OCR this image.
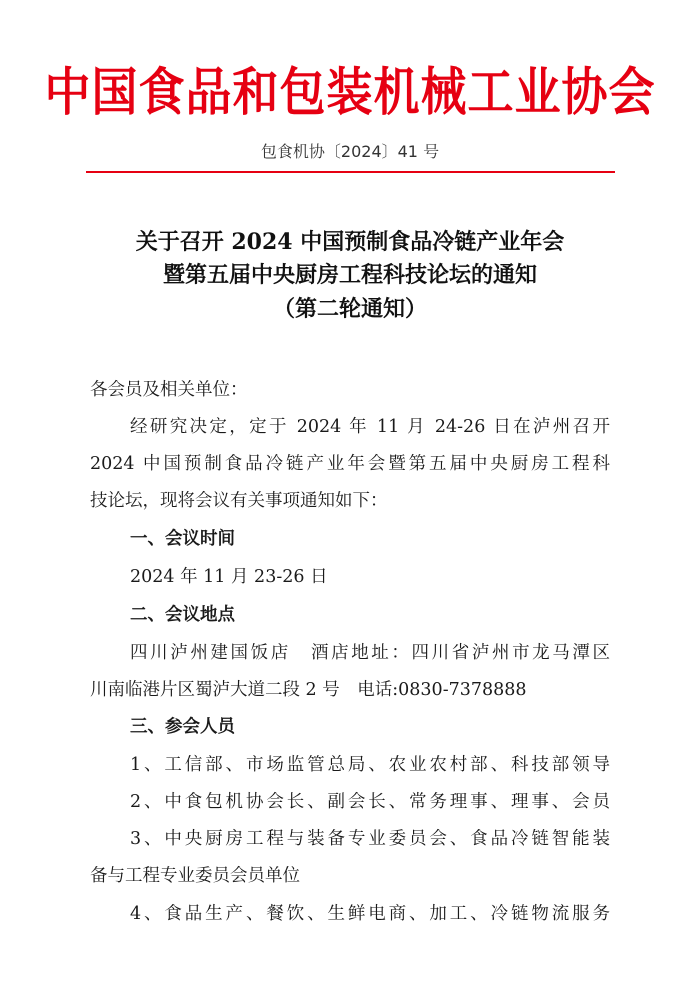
中国食品和包装机械工业协会
包食机协〔2024〕41 号
关于召开 2024 中国预制食品冷链产业年会
暨第五届中央厨房工程科技论坛的通知
（第二轮通知）
各会员及相关单位：
经研究决定，定于 2024 年 11 月 24-26 日在泸州召开
2024 中国预制食品冷链产业年会暨第五届中央厨房工程科
技论坛，现将会议有关事项通知如下：
一、会议时间
2024 年 11 月 23-26 日
二、会议地点
四川泸州建国饭店　酒店地址：四川省泸州市龙马潭区
川南临港片区蜀泸大道二段 2 号　电话:0830-7378888
三、参会人员
1、工信部、市场监管总局、农业农村部、科技部领导
2、中食包机协会长、副会长、常务理事、理事、会员
3、中央厨房工程与装备专业委员会、食品冷链智能装
备与工程专业委员会员单位
4、食品生产、餐饮、生鲜电商、加工、冷链物流服务
